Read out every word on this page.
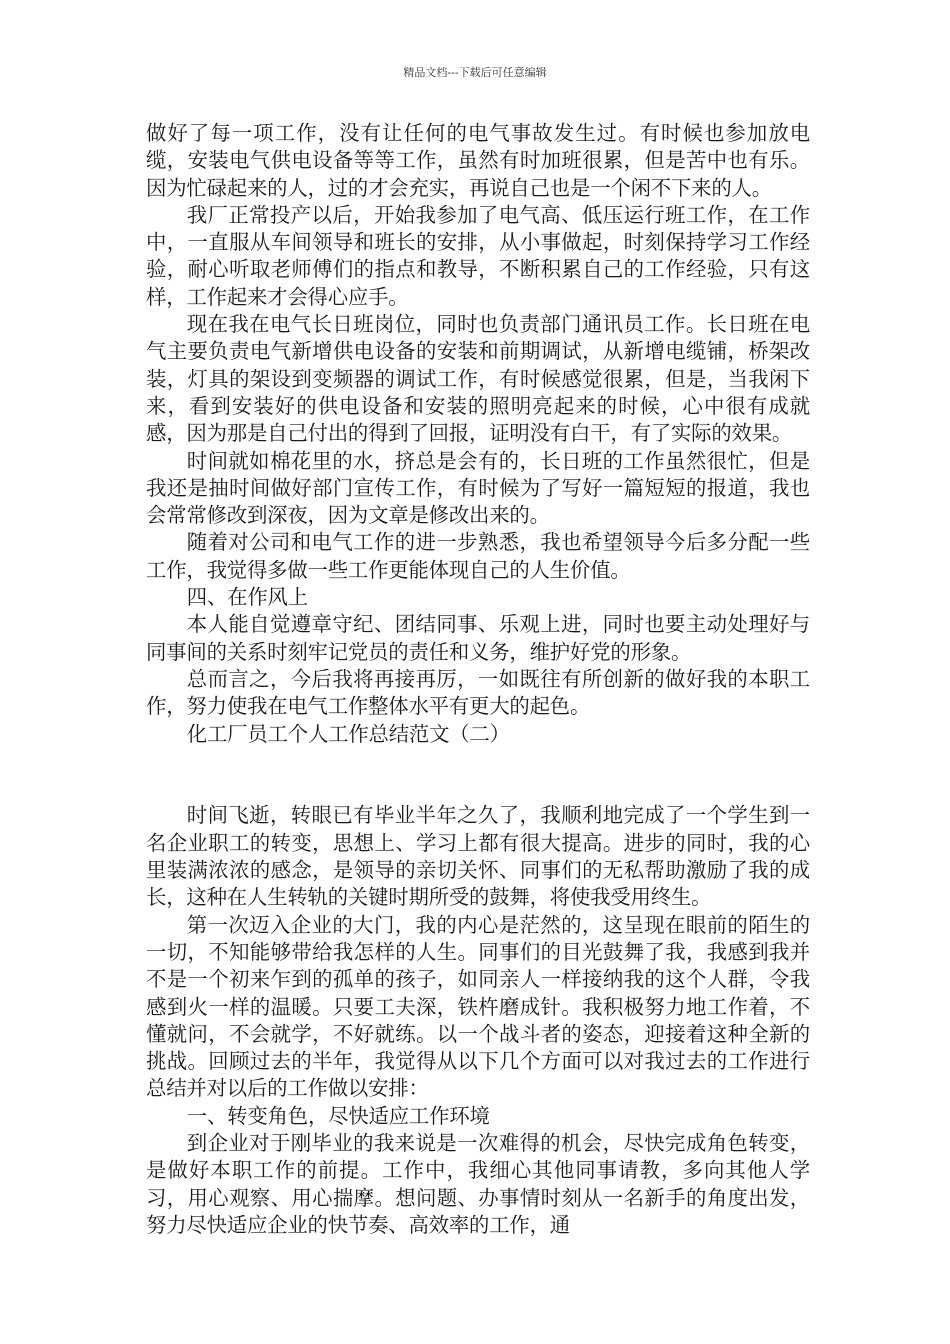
精品文档---下载后可任意编辑

做好了每一项工作，没有让任何的电气事故发生过。有时候也参加放电缆，安装电气供电设备等等工作，虽然有时加班很累，但是苦中也有乐。因为忙碌起来的人，过的才会充实，再说自己也是一个闲不下来的人。

我厂正常投产以后，开始我参加了电气高、低压运行班工作，在工作中，一直服从车间领导和班长的安排，从小事做起，时刻保持学习工作经验，耐心听取老师傅们的指点和教导，不断积累自己的工作经验，只有这样，工作起来才会得心应手。

现在我在电气长日班岗位，同时也负责部门通讯员工作。长日班在电气主要负责电气新增供电设备的安装和前期调试，从新增电缆铺，桥架改装，灯具的架设到变频器的调试工作，有时候感觉很累，但是，当我闲下来，看到安装好的供电设备和安装的照明亮起来的时候，心中很有成就感，因为那是自己付出的得到了回报，证明没有白干，有了实际的效果。

时间就如棉花里的水，挤总是会有的，长日班的工作虽然很忙，但是我还是抽时间做好部门宣传工作，有时候为了写好一篇短短的报道，我也会常常修改到深夜，因为文章是修改出来的。

随着对公司和电气工作的进一步熟悉，我也希望领导今后多分配一些工作，我觉得多做一些工作更能体现自己的人生价值。

四、在作风上

本人能自觉遵章守纪、团结同事、乐观上进，同时也要主动处理好与同事间的关系时刻牢记党员的责任和义务，维护好党的形象。

总而言之，今后我将再接再厉，一如既往有所创新的做好我的本职工作，努力使我在电气工作整体水平有更大的起色。

化工厂员工个人工作总结范文（二）

时间飞逝，转眼已有毕业半年之久了，我顺利地完成了一个学生到一名企业职工的转变，思想上、学习上都有很大提高。进步的同时，我的心里装满浓浓的感念，是领导的亲切关怀、同事们的无私帮助激励了我的成长，这种在人生转轨的关键时期所受的鼓舞，将使我受用终生。

第一次迈入企业的大门，我的内心是茫然的，这呈现在眼前的陌生的一切，不知能够带给我怎样的人生。同事们的目光鼓舞了我，我感到我并不是一个初来乍到的孤单的孩子，如同亲人一样接纳我的这个人群，令我感到火一样的温暖。只要工夫深，铁杵磨成针。我积极努力地工作着，不懂就问，不会就学，不好就练。以一个战斗者的姿态，迎接着这种全新的挑战。回顾过去的半年，我觉得从以下几个方面可以对我过去的工作进行总结并对以后的工作做以安排：

一、转变角色，尽快适应工作环境

到企业对于刚毕业的我来说是一次难得的机会，尽快完成角色转变，是做好本职工作的前提。工作中，我细心其他同事请教，多向其他人学习，用心观察、用心揣摩。想问题、办事情时刻从一名新手的角度出发，努力尽快适应企业的快节奏、高效率的工作，通
